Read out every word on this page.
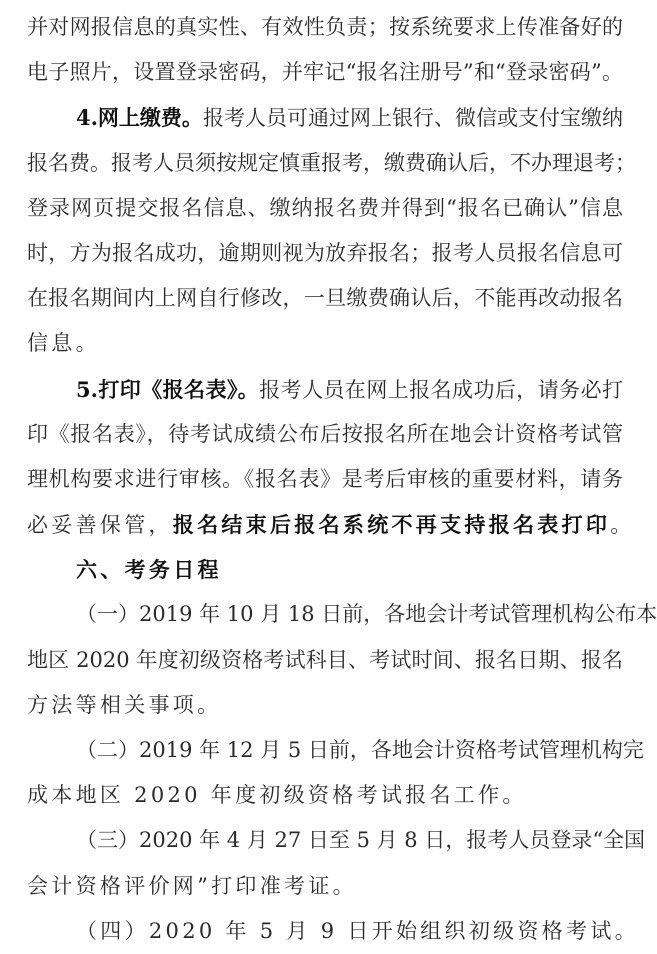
并对网报信息的真实性、有效性负责；按系统要求上传准备好的
电子照片，设置登录密码，并牢记“报名注册号”和“登录密码”。
4.网上缴费。报考人员可通过网上银行、微信或支付宝缴纳
报名费。报考人员须按规定慎重报考，缴费确认后，不办理退考；
登录网页提交报名信息、缴纳报名费并得到“报名已确认”信息
时，方为报名成功，逾期则视为放弃报名；报考人员报名信息可
在报名期间内上网自行修改，一旦缴费确认后，不能再改动报名
信息。
5.打印《报名表》。报考人员在网上报名成功后，请务必打
印《报名表》，待考试成绩公布后按报名所在地会计资格考试管
理机构要求进行审核。《报名表》是考后审核的重要材料，请务
必妥善保管，报名结束后报名系统不再支持报名表打印。
六、考务日程
（一）2019 年 10 月 18 日前，各地会计考试管理机构公布本
地区 2020 年度初级资格考试科目、考试时间、报名日期、报名
方法等相关事项。
（二）2019 年 12 月 5 日前，各地会计资格考试管理机构完
成本地区 2020 年度初级资格考试报名工作。
（三）2020 年 4 月 27 日至 5 月 8 日，报考人员登录“全国
会计资格评价网”打印准考证。
（四）2020 年 5 月 9 日开始组织初级资格考试。
